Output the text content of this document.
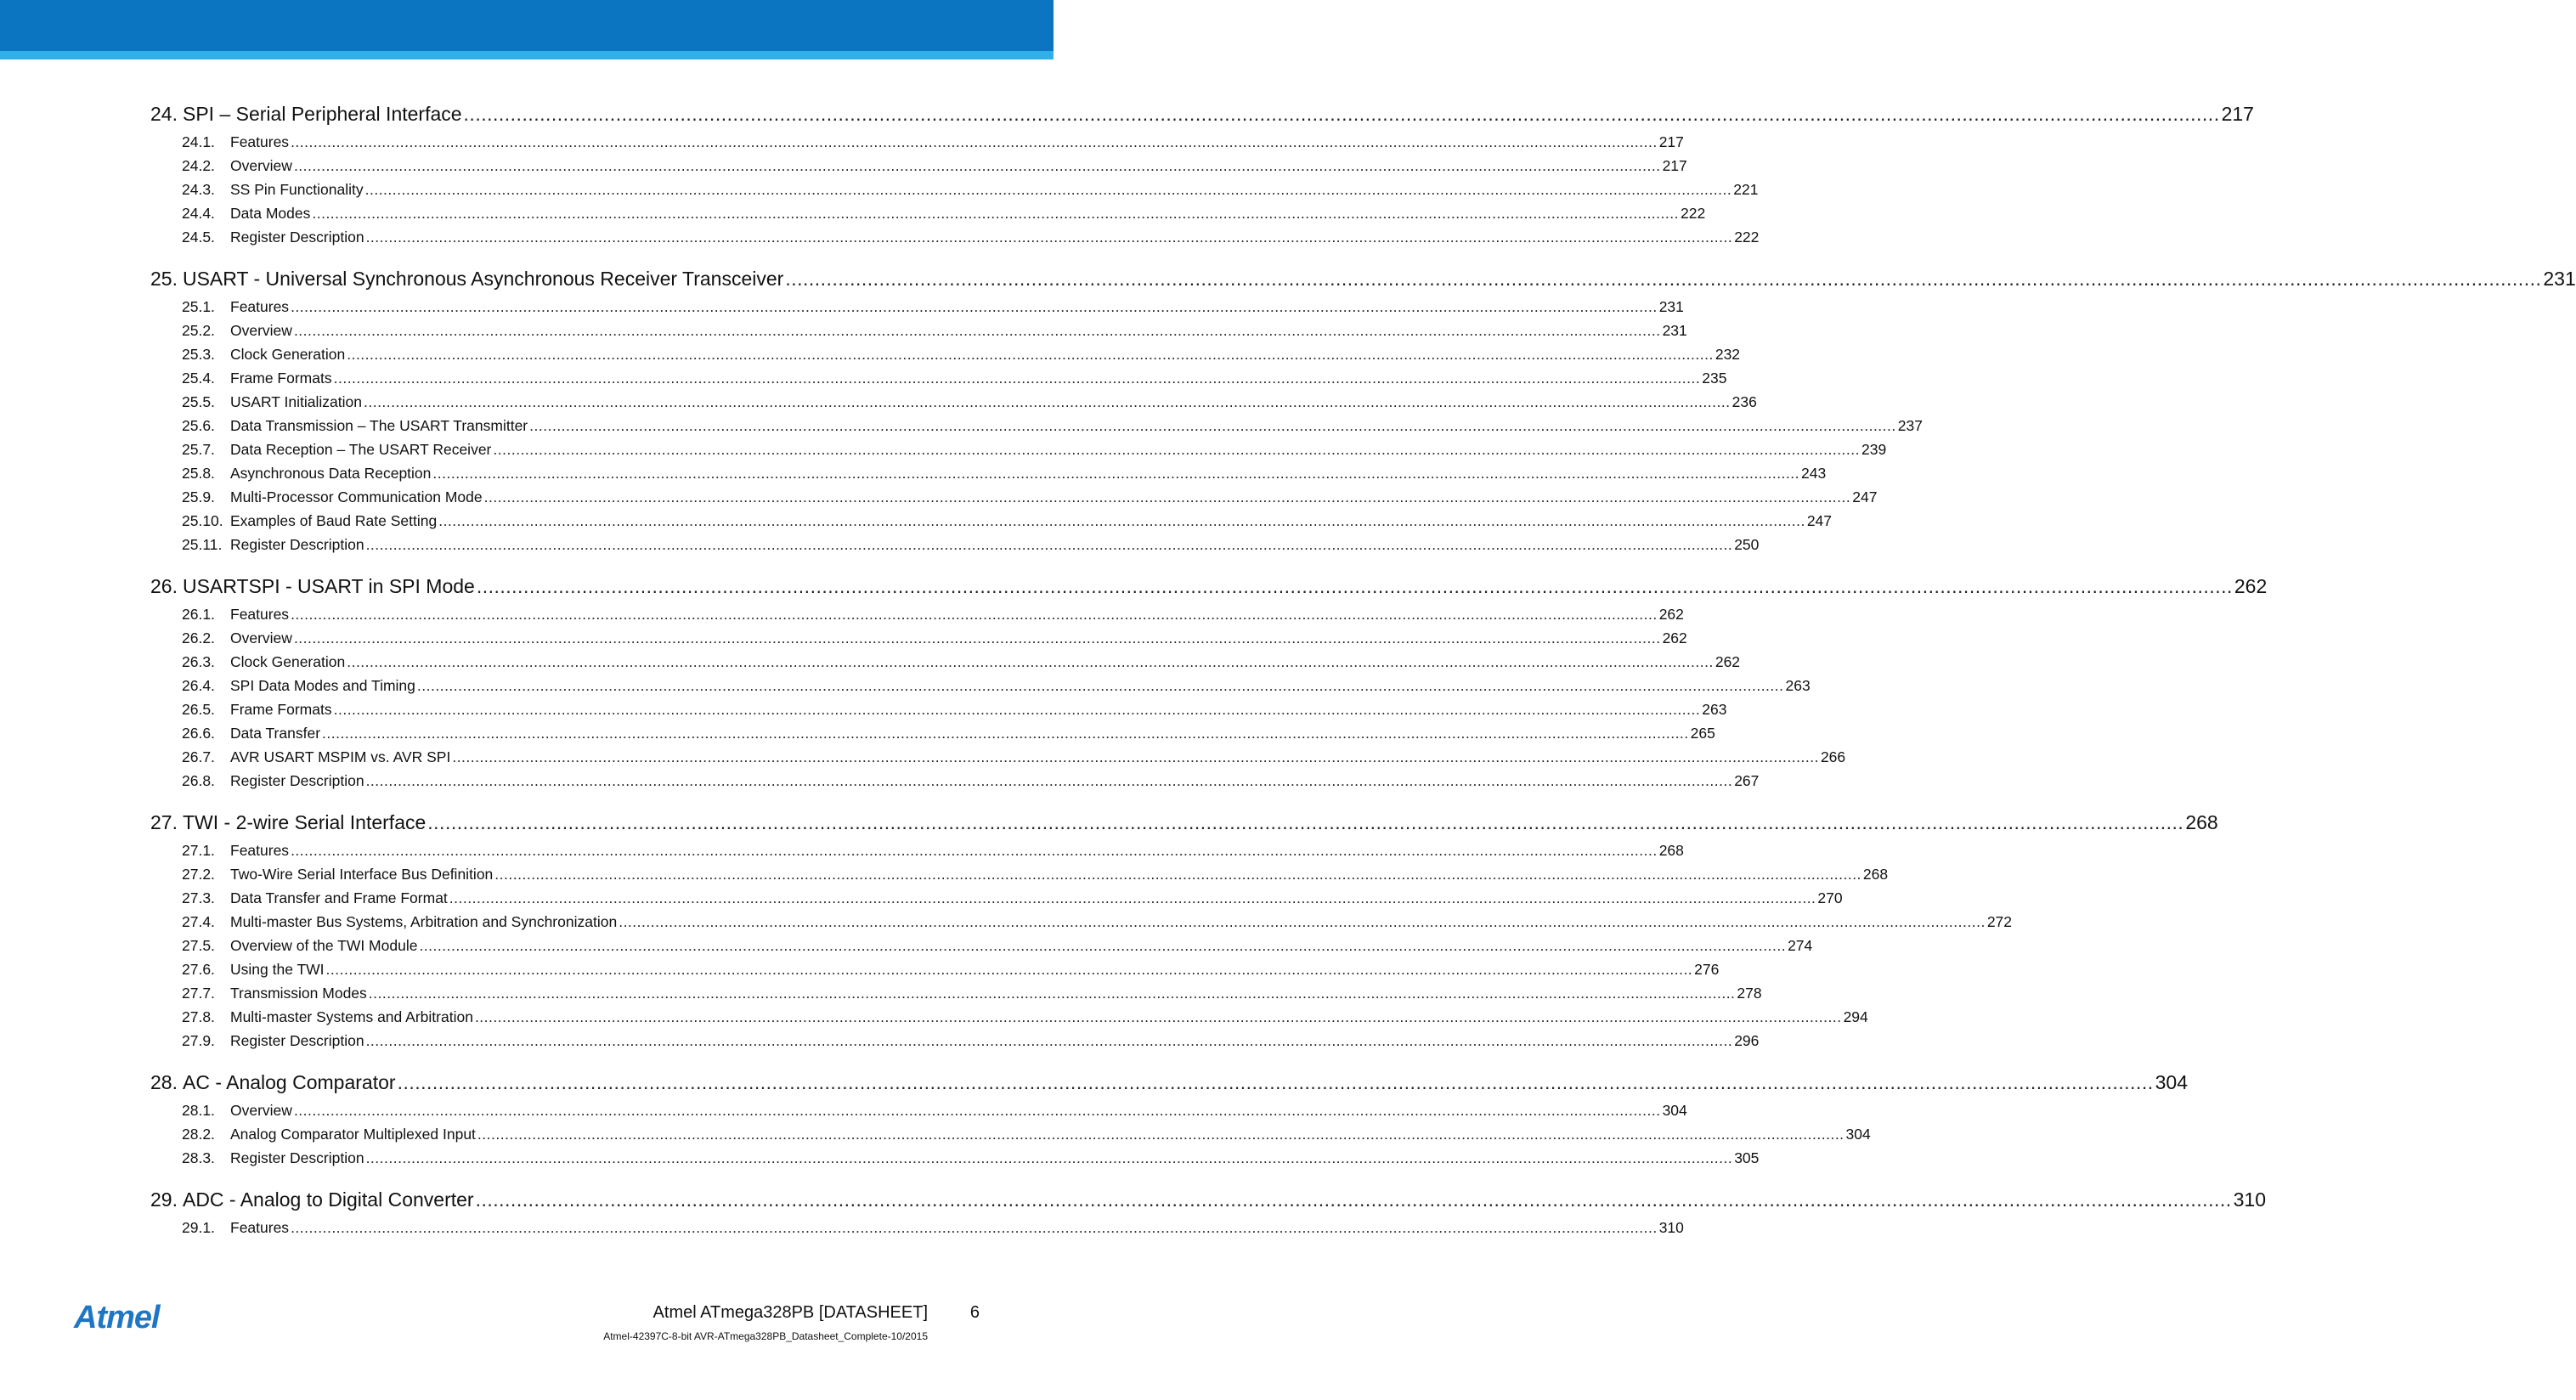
24. SPI – Serial Peripheral Interface ............................................................................................................................................................................................................................................................................................................ 217
24.1.	Features ............................................................................................................................................................................................................................................................................................................ 217
24.2.	Overview ............................................................................................................................................................................................................................................................................................................ 217
24.3.	SS Pin Functionality ............................................................................................................................................................................................................................................................................................................ 221
24.4.	Data Modes ............................................................................................................................................................................................................................................................................................................ 222
24.5.	Register Description ............................................................................................................................................................................................................................................................................................................ 222
25. USART - Universal Synchronous Asynchronous Receiver Transceiver ............................................................................................................................................................................................................................................................................................................ 231
25.1.	Features ............................................................................................................................................................................................................................................................................................................ 231
25.2.	Overview ............................................................................................................................................................................................................................................................................................................ 231
25.3.	Clock Generation ............................................................................................................................................................................................................................................................................................................ 232
25.4.	Frame Formats ............................................................................................................................................................................................................................................................................................................ 235
25.5.	USART Initialization ............................................................................................................................................................................................................................................................................................................ 236
25.6.	Data Transmission – The USART Transmitter ............................................................................................................................................................................................................................................................................................................ 237
25.7.	Data Reception – The USART Receiver ............................................................................................................................................................................................................................................................................................................ 239
25.8.	Asynchronous Data Reception ............................................................................................................................................................................................................................................................................................................ 243
25.9.	Multi-Processor Communication Mode ............................................................................................................................................................................................................................................................................................................ 247
25.10. Examples of Baud Rate Setting ............................................................................................................................................................................................................................................................................................................ 247
25.11. Register Description ............................................................................................................................................................................................................................................................................................................ 250
26. USARTSPI - USART in SPI Mode ............................................................................................................................................................................................................................................................................................................ 262
26.1.	Features ............................................................................................................................................................................................................................................................................................................ 262
26.2.	Overview ............................................................................................................................................................................................................................................................................................................ 262
26.3.	Clock Generation ............................................................................................................................................................................................................................................................................................................ 262
26.4.	SPI Data Modes and Timing ............................................................................................................................................................................................................................................................................................................ 263
26.5.	Frame Formats ............................................................................................................................................................................................................................................................................................................ 263
26.6.	Data Transfer ............................................................................................................................................................................................................................................................................................................ 265
26.7.	AVR USART MSPIM vs. AVR SPI ............................................................................................................................................................................................................................................................................................................ 266
26.8.	Register Description ............................................................................................................................................................................................................................................................................................................ 267
27. TWI - 2-wire Serial Interface ............................................................................................................................................................................................................................................................................................................ 268
27.1.	Features ............................................................................................................................................................................................................................................................................................................ 268
27.2.	Two-Wire Serial Interface Bus Definition ............................................................................................................................................................................................................................................................................................................ 268
27.3.	Data Transfer and Frame Format ............................................................................................................................................................................................................................................................................................................ 270
27.4.	Multi-master Bus Systems, Arbitration and Synchronization ............................................................................................................................................................................................................................................................................................................ 272
27.5.	Overview of the TWI Module ............................................................................................................................................................................................................................................................................................................ 274
27.6.	Using the TWI ............................................................................................................................................................................................................................................................................................................ 276
27.7.	Transmission Modes ............................................................................................................................................................................................................................................................................................................ 278
27.8.	Multi-master Systems and Arbitration ............................................................................................................................................................................................................................................................................................................ 294
27.9.	Register Description ............................................................................................................................................................................................................................................................................................................ 296
28. AC - Analog Comparator ............................................................................................................................................................................................................................................................................................................ 304
28.1.	Overview ............................................................................................................................................................................................................................................................................................................ 304
28.2.	Analog Comparator Multiplexed Input ............................................................................................................................................................................................................................................................................................................ 304
28.3.	Register Description ............................................................................................................................................................................................................................................................................................................ 305
29. ADC - Analog to Digital Converter ............................................................................................................................................................................................................................................................................................................ 310
29.1.	Features ............................................................................................................................................................................................................................................................................................................ 310
Atmel	Atmel ATmega328PB [DATASHEET] 6
Atmel-42397C-8-bit AVR-ATmega328PB_Datasheet_Complete-10/2015
